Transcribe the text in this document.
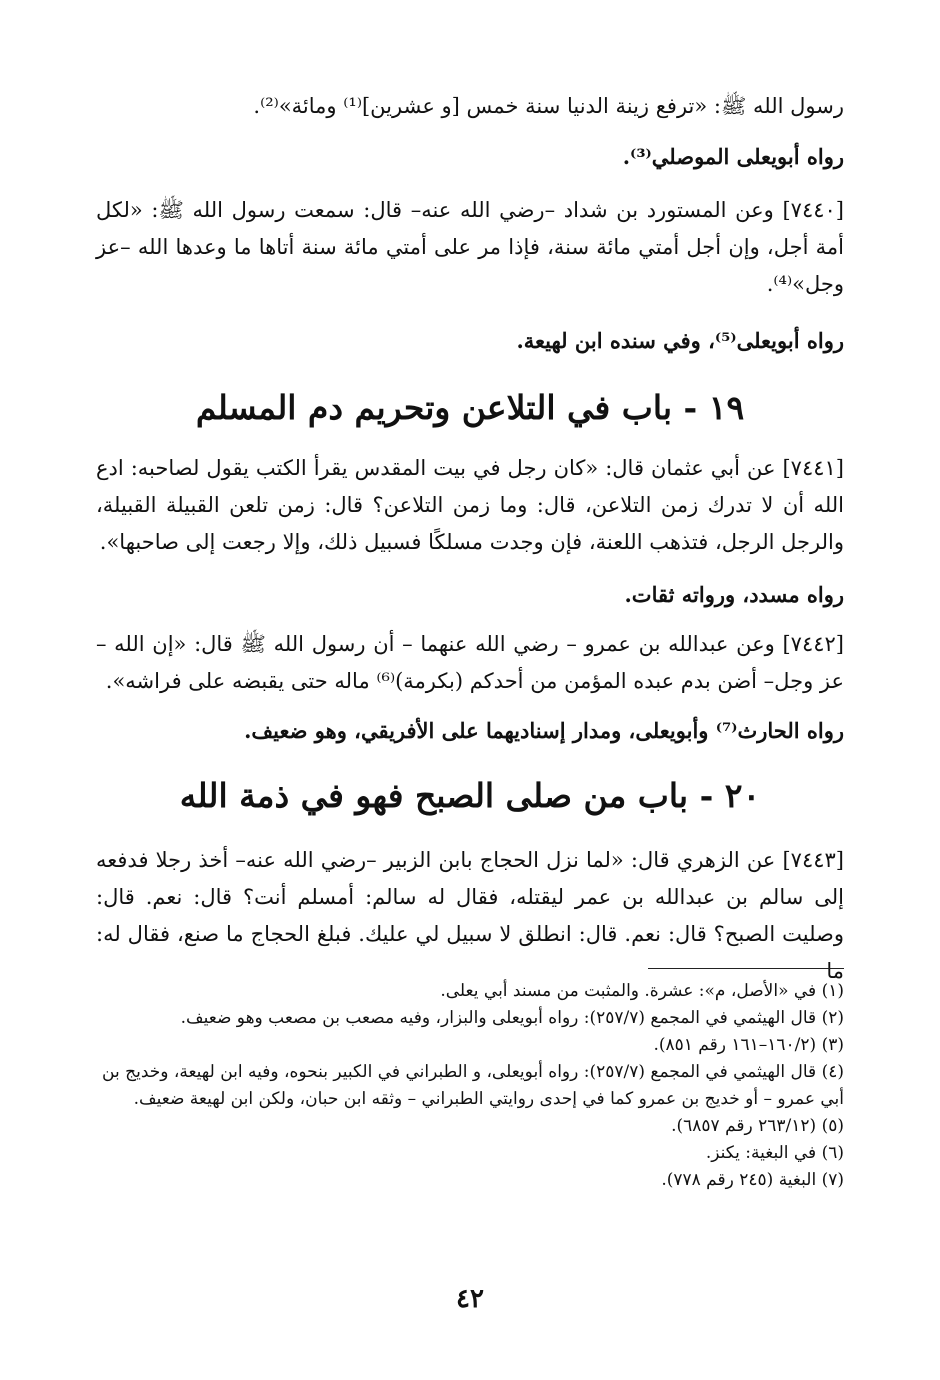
رسول الله ﷺ: «ترفع زينة الدنيا سنة خمس [و عشرين]⁽¹⁾ ومائة»⁽²⁾.

رواه أبويعلى الموصلي⁽³⁾.

[٧٤٤٠] وعن المستورد بن شداد –رضي الله عنه– قال: سمعت رسول الله ﷺ: «لكل أمة أجل، وإن أجل أمتي مائة سنة، فإذا مر على أمتي مائة سنة أتاها ما وعدها الله –عز وجل»⁽⁴⁾.

رواه أبويعلى⁽⁵⁾، وفي سنده ابن لهيعة.

١٩ - باب في التلاعن وتحريم دم المسلم

[٧٤٤١] عن أبي عثمان قال: «كان رجل في بيت المقدس يقرأ الكتب يقول لصاحبه: ادع الله أن لا تدرك زمن التلاعن، قال: وما زمن التلاعن؟ قال: زمن تلعن القبيلة القبيلة، والرجل الرجل، فتذهب اللعنة، فإن وجدت مسلكًا فسبيل ذلك، وإلا رجعت إلى صاحبها».

رواه مسدد، ورواته ثقات.

[٧٤٤٢] وعن عبدالله بن عمرو – رضي الله عنهما – أن رسول الله ﷺ قال: «إن الله –عز وجل– أضن بدم عبده المؤمن من أحدكم (بكرمة)⁽⁶⁾ ماله حتى يقبضه على فراشه».

رواه الحارث⁽⁷⁾ وأبويعلى، ومدار إسناديهما على الأفريقي، وهو ضعيف.

٢٠ - باب من صلى الصبح فهو في ذمة الله

[٧٤٤٣] عن الزهري قال: «لما نزل الحجاج بابن الزبير –رضي الله عنه– أخذ رجلا فدفعه إلى سالم بن عبدالله بن عمر ليقتله، فقال له سالم: أمسلم أنت؟ قال: نعم. قال: وصليت الصبح؟ قال: نعم. قال: انطلق لا سبيل لي عليك. فبلغ الحجاج ما صنع، فقال له: ما

(١) في «الأصل، م»: عشرة. والمثبت من مسند أبي يعلى.
(٢) قال الهيثمي في المجمع (٢٥٧/٧): رواه أبويعلى والبزار، وفيه مصعب بن مصعب وهو ضعيف.
(٣) (١٦٠/٢–١٦١ رقم ٨٥١).
(٤) قال الهيثمي في المجمع (٢٥٧/٧): رواه أبويعلى، و الطبراني في الكبير بنحوه، وفيه ابن لهيعة، وخديج بن أبي عمرو – أو خديج بن عمرو كما في إحدى روايتي الطبراني – وثقه ابن حبان، ولكن ابن لهيعة ضعيف.
(٥) (٢٦٣/١٢ رقم ٦٨٥٧).
(٦) في البغية: يكنز.
(٧) البغية (٢٤٥ رقم ٧٧٨).
٤٢
